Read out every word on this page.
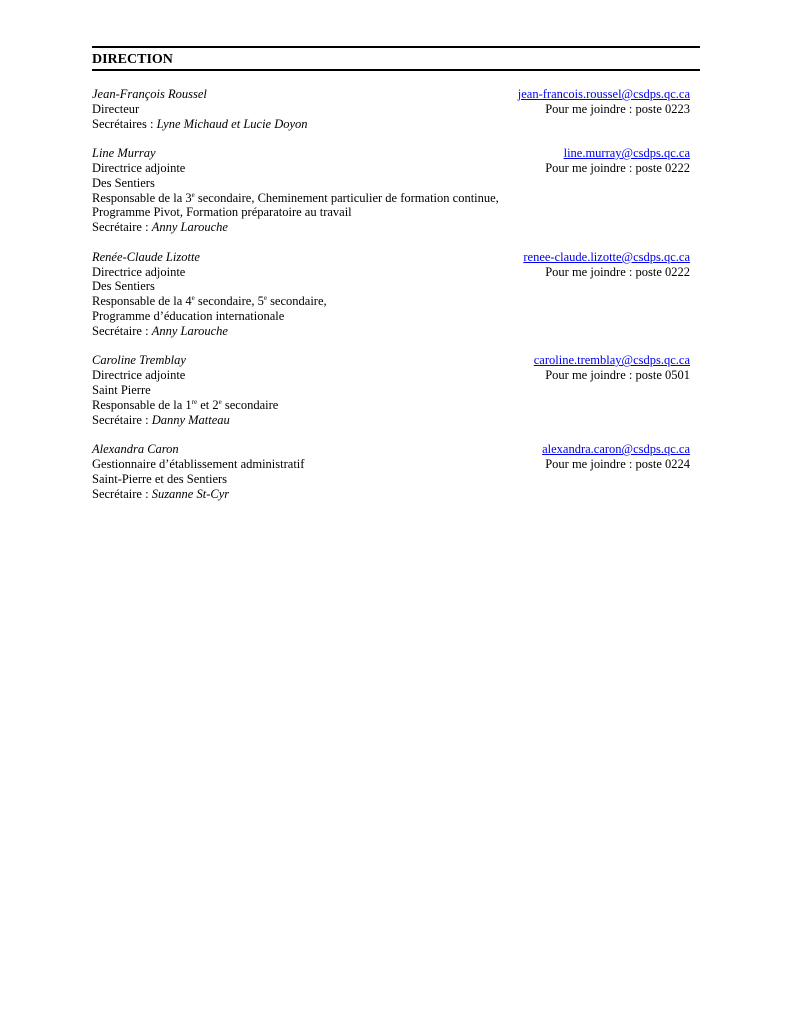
DIRECTION
Jean-François Roussel
Directeur
Secrétaires : Lyne Michaud et Lucie Doyon
jean-francois.roussel@csdps.qc.ca
Pour me joindre : poste 0223
Line Murray
Directrice adjointe
Des Sentiers
Responsable de la 3e secondaire, Cheminement particulier de formation continue,
Programme Pivot, Formation préparatoire au travail
Secrétaire : Anny Larouche
line.murray@csdps.qc.ca
Pour me joindre : poste 0222
Renée-Claude Lizotte
Directrice adjointe
Des Sentiers
Responsable de la 4e secondaire, 5e secondaire,
Programme d’éducation internationale
Secrétaire : Anny Larouche
renee-claude.lizotte@csdps.qc.ca
Pour me joindre : poste 0222
Caroline Tremblay
Directrice adjointe
Saint Pierre
Responsable de la 1re et 2e secondaire
Secrétaire : Danny Matteau
caroline.tremblay@csdps.qc.ca
Pour me joindre : poste 0501
Alexandra Caron
Gestionnaire d’établissement administratif
Saint-Pierre et des Sentiers
Secrétaire : Suzanne St-Cyr
alexandra.caron@csdps.qc.ca
Pour me joindre : poste 0224
